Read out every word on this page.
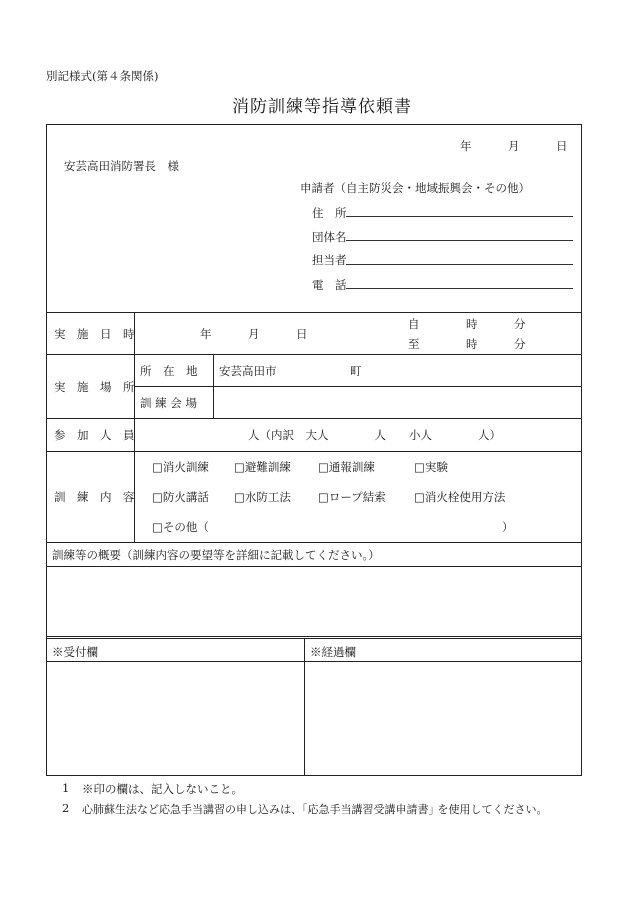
別記様式(第４条関係)
消防訓練等指導依頼書
年	月	日
安芸高田消防署長　様
申請者（自主防災会・地域振興会・その他）
住　所
団体名
担当者
電　話
実　施　日　時	年	月	日
自	時	分
至	時	分
実　施　場　所
所　在　地 安芸高田市	町
訓 練 会 場
参　加　人　員	人（内訳　大人　　　　人　　小人　　　　人）
訓　練　内　容
□消火訓練 □避難訓練 □通報訓練	□実験
□防火講話 □水防工法 □ロープ結索 □消火栓使用方法
□その他（	）
訓練等の概要（訓練内容の要望等を詳細に記載してください。）
※受付欄	※経過欄
1 ※印の欄は、記入しないこと。
2 心肺蘇生法など応急手当講習の申し込みは、｢応急手当講習受講申請書｣ を使用してください。
